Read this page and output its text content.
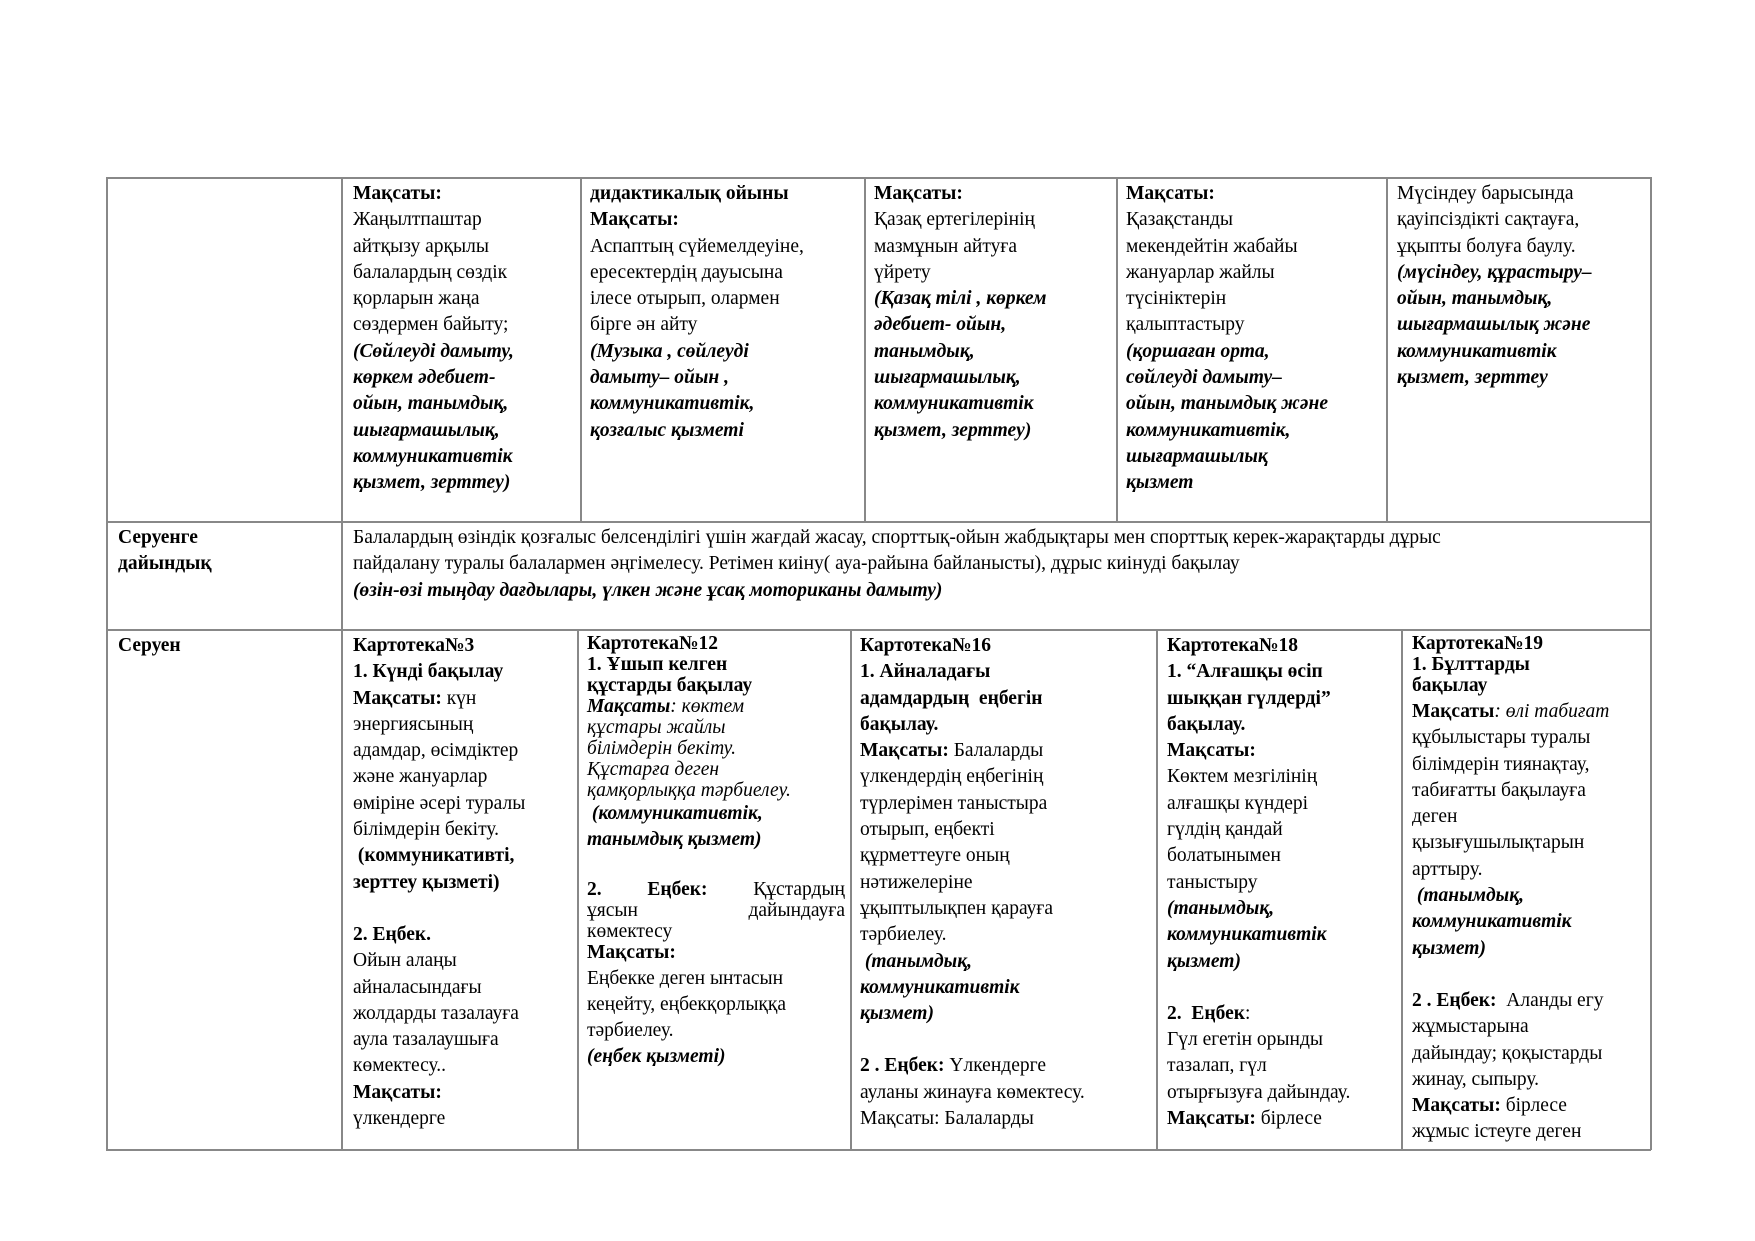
Мақсаты:
Жаңылтпаштар
айтқызу арқылы
балалардың сөздік
қорларын жаңа
сөздермен байыту;
(Сөйлеуді дамыту,
көркем әдебиет-
ойын, танымдық,
шығармашылық,
коммуникативтік
қызмет, зерттеу)
дидактикалық ойыны
Мақсаты:
Аспаптың сүйемелдеуіне,
ересектердің дауысына
ілесе отырып, олармен
бірге ән айту
(Музыка , сөйлеуді
дамыту– ойын ,
коммуникативтік,
қозғалыс қызметі
Мақсаты:
Қазақ ертегілерінің
мазмұнын айтуға
үйрету
(Қазақ тілі , көркем
әдебиет- ойын,
танымдық,
шығармашылық,
коммуникативтік
қызмет, зерттеу)
Мақсаты:
Қазақстанды
мекендейтін жабайы
жануарлар жайлы
түсініктерін
қалыптастыру
(қоршаған орта,
сөйлеуді дамыту–
ойын, танымдық және
коммуникативтік,
шығармашылық
қызмет
Мүсіндеу барысында
қауіпсіздікті сақтауға,
ұқыпты болуға баулу.
(мүсіндеу, құрастыру–
ойын, танымдық,
шығармашылық және
коммуникативтік
қызмет, зерттеу
Серуенге
дайындық
Балалардың өзіндік қозғалыс белсенділігі үшін жағдай жасау, спорттық-ойын жабдықтары мен спорттық керек-жарақтарды дұрыс
пайдалану туралы балалармен әңгімелесу. Ретімен киіну( ауа-райына байланысты), дұрыс киінуді бақылау
(өзін-өзі тыңдау дағдылары, үлкен және ұсақ моториканы дамыту)
Серуен	Картотека№3
1. Күнді бақылау
Мақсаты: күн
энергиясының
адамдар, өсімдіктер
және жануарлар
өміріне әсері туралы
білімдерін бекіту.
(коммуникативті,
зерттеу қызметі)
2. Еңбек.
Ойын алаңы
айналасындағы
жолдарды тазалауға
аула тазалаушыға
көмектесу..
Мақсаты:
үлкендерге
Картотека№12
1. Ұшып келген
құстарды бақылау
Мақсаты: көктем
құстары жайлы
білімдерін бекіту.
Құстарға деген
қамқорлыққа тәрбиелеу.
(коммуникативтік,
танымдық қызмет)
2. Еңбек: Құстардың
ұясын	дайындауға
көмектесу
Мақсаты:
Еңбекке деген ынтасын
кеңейту, еңбекқорлыққа
тәрбиелеу.
(еңбек қызметі)
Картотека№16
1. Айналадағы
адамдардың  еңбегін
бақылау.
Мақсаты: Балаларды
үлкендердің еңбегінің
түрлерімен таныстыра
отырып, еңбекті
құрметтеуге оның
нәтижелеріне
ұқыптылықпен қарауға
тәрбиелеу.
(танымдық,
коммуникативтік
қызмет)
2 . Еңбек: Үлкендерге
ауланы жинауға көмектесу.
Мақсаты: Балаларды
Картотека№18
1. “Алғашқы өсіп
шыққан гүлдерді”
бақылау.
Мақсаты:
Көктем мезгілінің
алғашқы күндері
гүлдің қандай
болатынымен
таныстыру
(танымдық,
коммуникативтік
қызмет)
2.  Еңбек:
Гүл егетін орынды
тазалап, гүл
отырғызуға дайындау.
Мақсаты: бірлесе
Картотека№19
1. Бұлттарды
бақылау
Мақсаты: өлі табиғат
құбылыстары туралы
білімдерін тиянақтау,
табиғатты бақылауға
деген
қызығушылықтарын
арттыру.
(танымдық,
коммуникативтік
қызмет)
2 . Еңбек:  Аланды егу
жұмыстарына
дайындау; қоқыстарды
жинау, сыпыру.
Мақсаты: бірлесе
жұмыс істеуге деген
